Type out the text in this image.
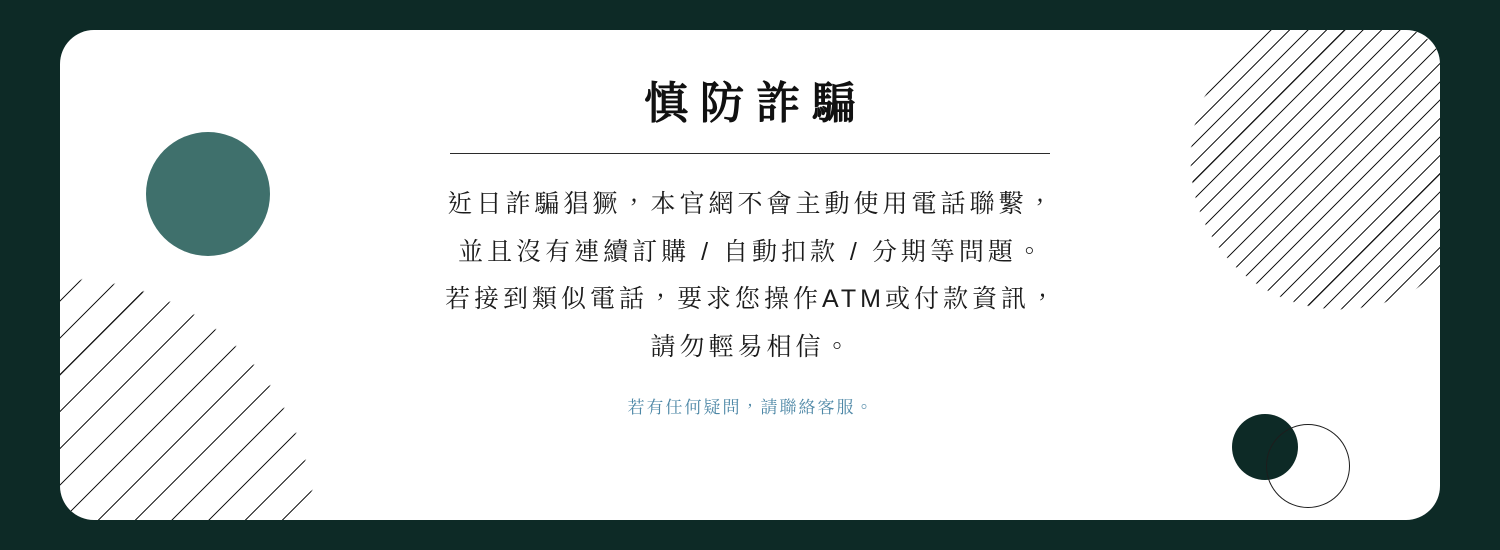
慎防詐騙
近日詐騙猖獗，本官網不會主動使用電話聯繫，
並且沒有連續訂購 / 自動扣款 / 分期等問題。
若接到類似電話，要求您操作ATM或付款資訊，
請勿輕易相信。
若有任何疑問，請聯絡客服。
